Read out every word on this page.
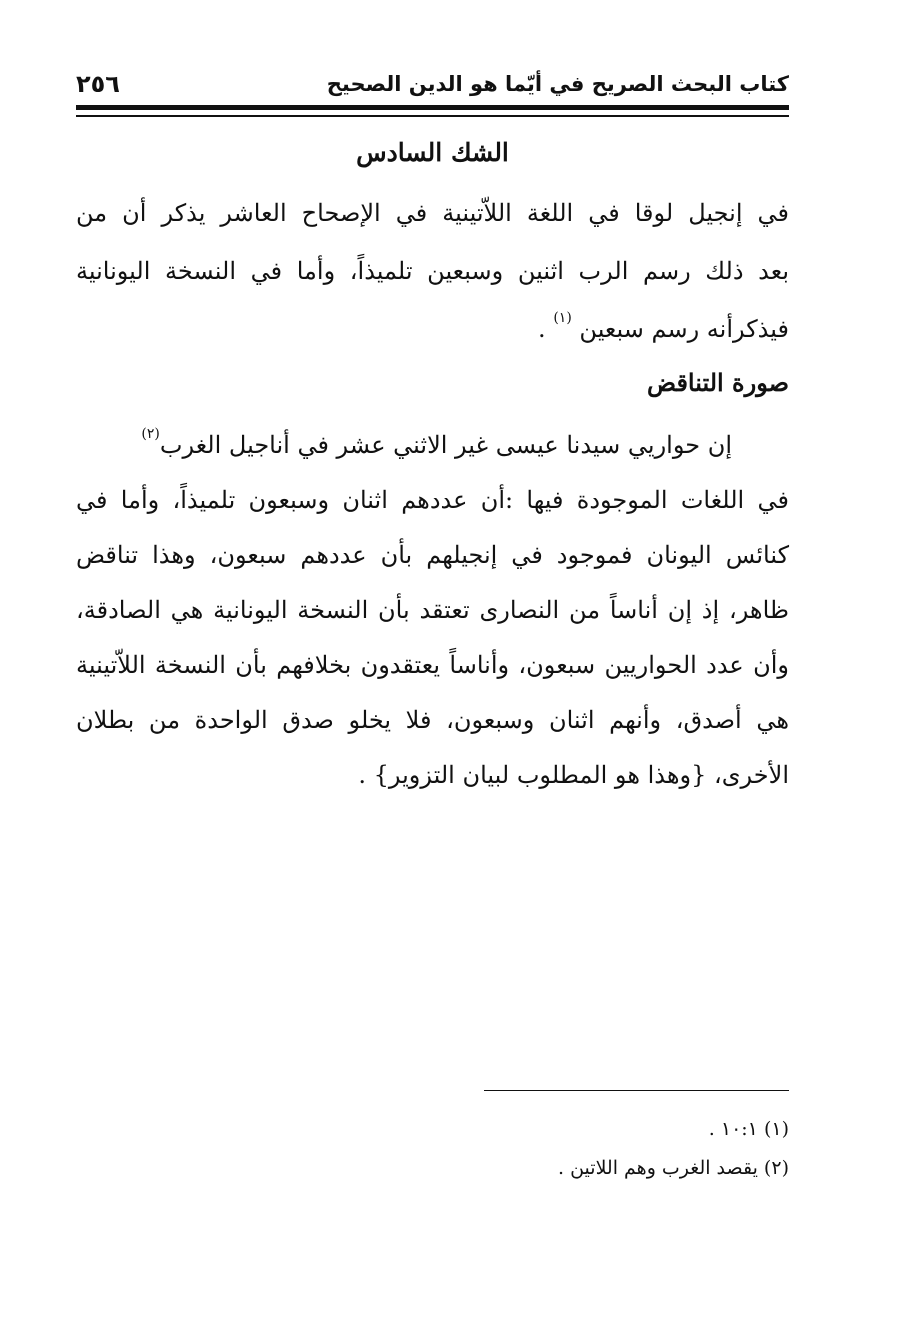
كتاب البحث الصريح في أيّما هو الدين الصحيح
٢٥٦
الشك السادس
في إنجيل لوقا في اللغة اللاّتينية في الإصحاح العاشر يذكر أن من
بعد ذلك رسم الرب اثنين وسبعين تلميذاً، وأما في النسخة اليونانية
فيذكرأنه رسم سبعين $^{(١)}$ .
صورة التناقض
إن حواريي سيدنا عيسى غير الاثني عشر في أناجيل الغرب$^{(٢)}$
في اللغات الموجودة فيها :أن عددهم اثنان وسبعون تلميذاً، وأما في
كنائس اليونان فموجود في إنجيلهم بأن عددهم سبعون، وهذا تناقض
ظاهر، إذ إن أناساً من النصارى تعتقد بأن النسخة اليونانية هي الصادقة،
وأن عدد الحواريين سبعون، وأناساً يعتقدون بخلافهم بأن النسخة اللاّتينية
هي أصدق، وأنهم اثنان وسبعون، فلا يخلو صدق الواحدة من بطلان
الأخرى، {وهذا هو المطلوب لبيان التزوير} .
(١) ١٠:١ .
(٢) يقصد الغرب وهم اللاتين .
